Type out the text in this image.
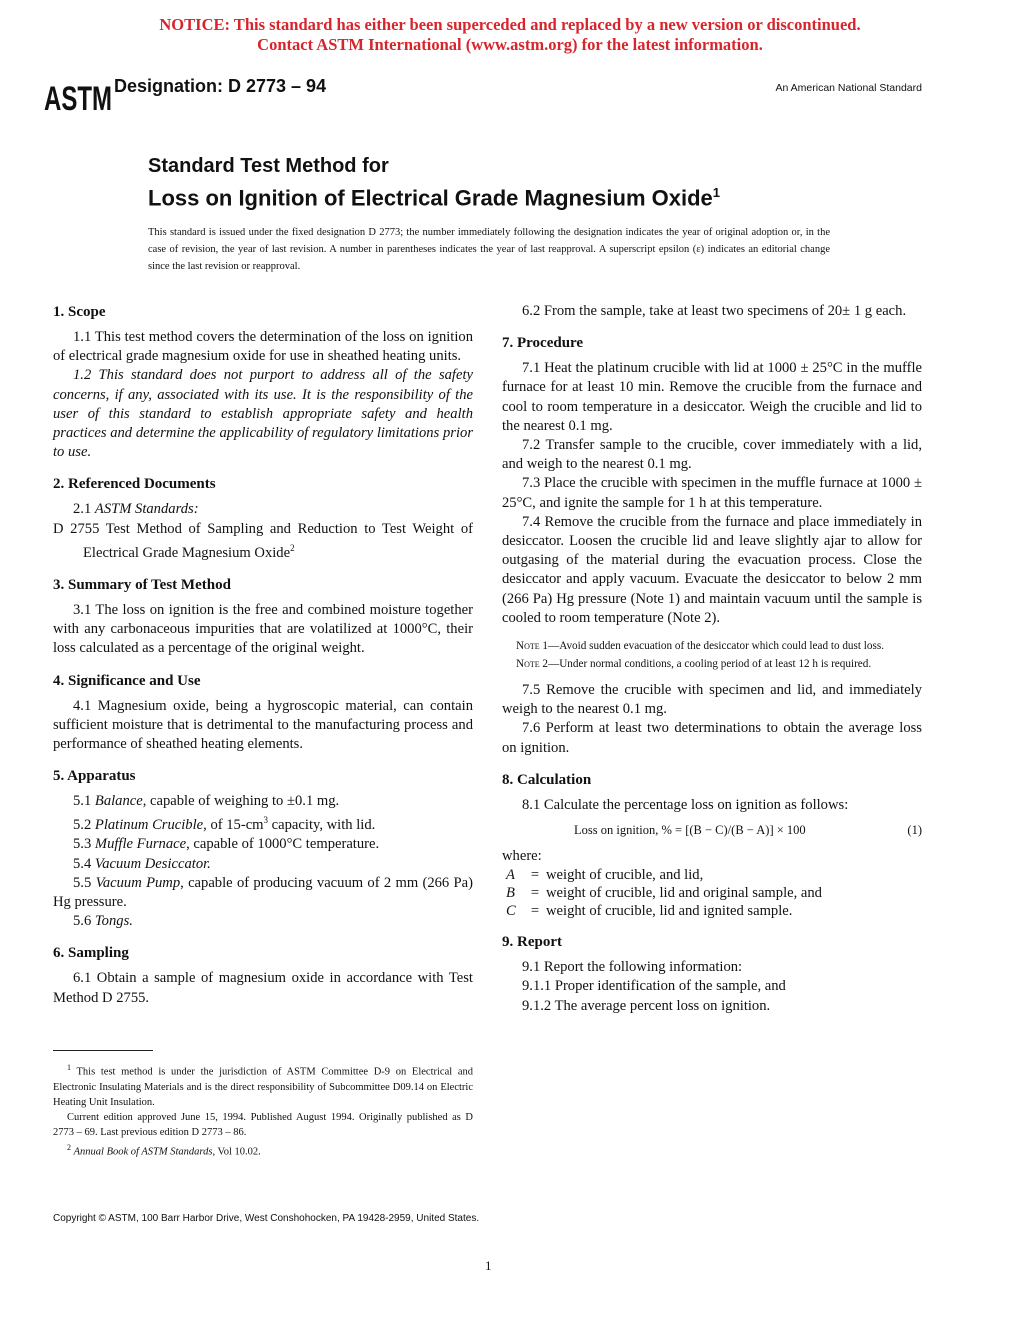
NOTICE: This standard has either been superceded and replaced by a new version or discontinued.
Contact ASTM International (www.astm.org) for the latest information.
ASTM Designation: D 2773 – 94	An American National Standard
Standard Test Method for
Loss on Ignition of Electrical Grade Magnesium Oxide$^1$

This standard is issued under the fixed designation D 2773; the number immediately following the designation indicates the year of original adoption or, in the case of revision, the year of last revision. A number in parentheses indicates the year of last reapproval. A superscript epsilon (ε) indicates an editorial change since the last revision or reapproval.

1. Scope

1.1 This test method covers the determination of the loss on ignition of electrical grade magnesium oxide for use in sheathed heating units.

1.2 This standard does not purport to address all of the safety concerns, if any, associated with its use. It is the responsibility of the user of this standard to establish appropriate safety and health practices and determine the applicability of regulatory limitations prior to use.

2. Referenced Documents

2.1 ASTM Standards:

D 2755 Test Method of Sampling and Reduction to Test Weight of Electrical Grade Magnesium Oxide$^2$

3. Summary of Test Method

3.1 The loss on ignition is the free and combined moisture together with any carbonaceous impurities that are volatilized at 1000°C, their loss calculated as a percentage of the original weight.

4. Significance and Use

4.1 Magnesium oxide, being a hygroscopic material, can contain sufficient moisture that is detrimental to the manufacturing process and performance of sheathed heating elements.

5. Apparatus

5.1 Balance, capable of weighing to ±0.1 mg.

5.2 Platinum Crucible, of $15-cm^3$ capacity, with lid.

5.3 Muffle Furnace, capable of 1000°C temperature.

5.4 Vacuum Desiccator.

5.5 Vacuum Pump, capable of producing vacuum of 2 mm (266 Pa) Hg pressure.

5.6 Tongs.

6. Sampling

6.1 Obtain a sample of magnesium oxide in accordance with Test Method D 2755.

$^1$ This test method is under the jurisdiction of ASTM Committee D-9 on Electrical and Electronic Insulating Materials and is the direct responsibility of Subcommittee D09.14 on Electric Heating Unit Insulation.

Current edition approved June 15, 1994. Published August 1994. Originally published as D 2773 – 69. Last previous edition D 2773 – 86.

$^2$ Annual Book of ASTM Standards, Vol 10.02.

6.2 From the sample, take at least two specimens of 20± 1 g each.

7. Procedure

7.1 Heat the platinum crucible with lid at 1000 ± 25°C in the muffle furnace for at least 10 min. Remove the crucible from the furnace and cool to room temperature in a desiccator. Weigh the crucible and lid to the nearest 0.1 mg.

7.2 Transfer sample to the crucible, cover immediately with a lid, and weigh to the nearest 0.1 mg.

7.3 Place the crucible with specimen in the muffle furnace at 1000 ± 25°C, and ignite the sample for 1 h at this temperature.

7.4 Remove the crucible from the furnace and place immediately in desiccator. Loosen the crucible lid and leave slightly ajar to allow for outgasing of the material during the evacuation process. Close the desiccator and apply vacuum. Evacuate the desiccator to below 2 mm (266 Pa) Hg pressure (Note 1) and maintain vacuum until the sample is cooled to room temperature (Note 2).

Note 1—Avoid sudden evacuation of the desiccator which could lead to dust loss.

Note 2—Under normal conditions, a cooling period of at least 12 h is required.

7.5 Remove the crucible with specimen and lid, and immediately weigh to the nearest 0.1 mg.

7.6 Perform at least two determinations to obtain the average loss on ignition.

8. Calculation

8.1 Calculate the percentage loss on ignition as follows:

Loss on ignition, % = [(B − C)/(B − A)] × 100	(1)
where:
A	= weight of crucible, and lid,
B	= weight of crucible, lid and original sample, and
C	= weight of crucible, lid and ignited sample.
9. Report

9.1 Report the following information:

9.1.1 Proper identification of the sample, and

9.1.2 The average percent loss on ignition.

Copyright © ASTM, 100 Barr Harbor Drive, West Conshohocken, PA 19428-2959, United States.
1
